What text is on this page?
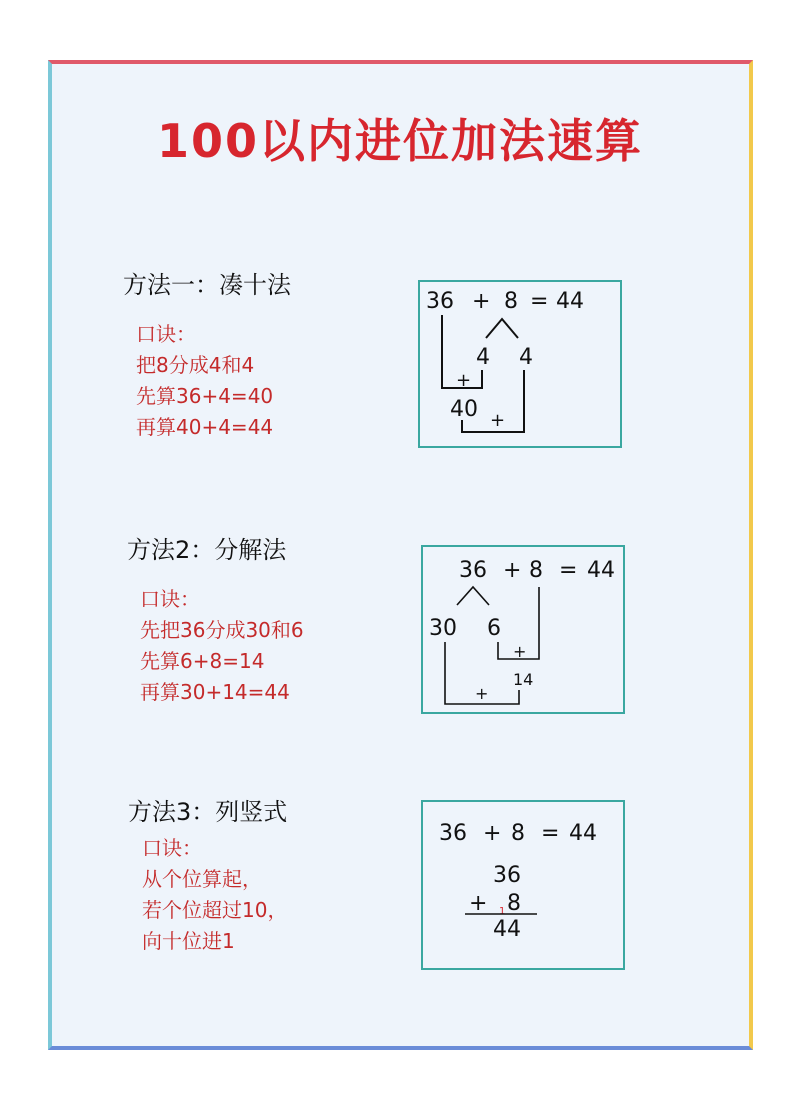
100以内进位加法速算
方法一：凑十法
口诀：
把8分成4和4
先算36+4=40
再算40+4=44
36 + 8 = 44
4 4
40
+
+
方法2：分解法
口诀：
先把36分成30和6
先算6+8=14
再算30+14=44
36 + 8 = 44
30 6
14
+
+
方法3：列竖式
口诀：
从个位算起，
若个位超过10，
向十位进1
36 + 8 = 44
36
+ 8
44
1
